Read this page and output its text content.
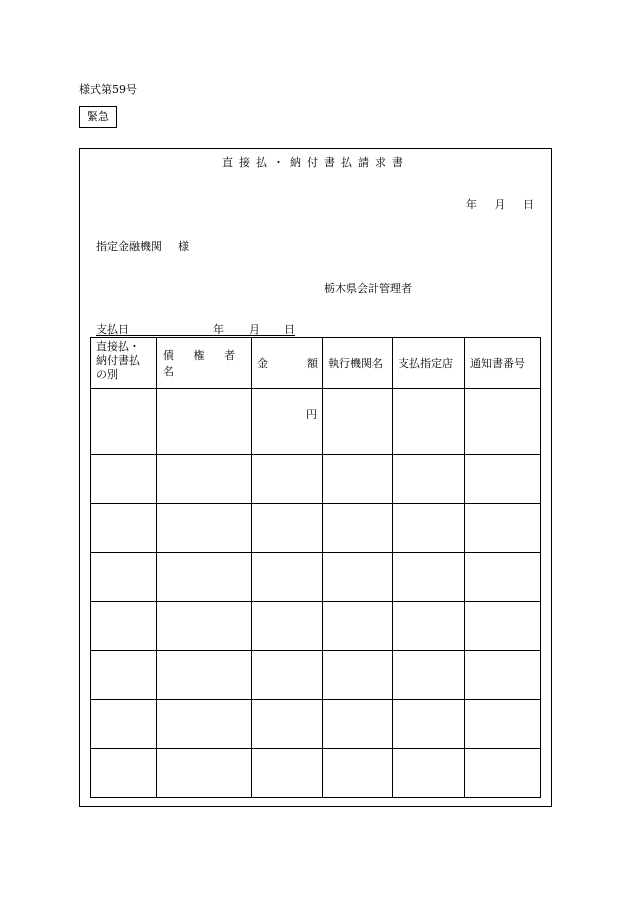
様式第59号
緊急
直接払・納付書払請求書
年 月 日
指定金融機関 様
栃木県会計管理者
支払日	年 月 日
直接払・
納付書払
の別	債 権 者 名	金 額	執行機関名	支払指定店	通知書番号
		円			
